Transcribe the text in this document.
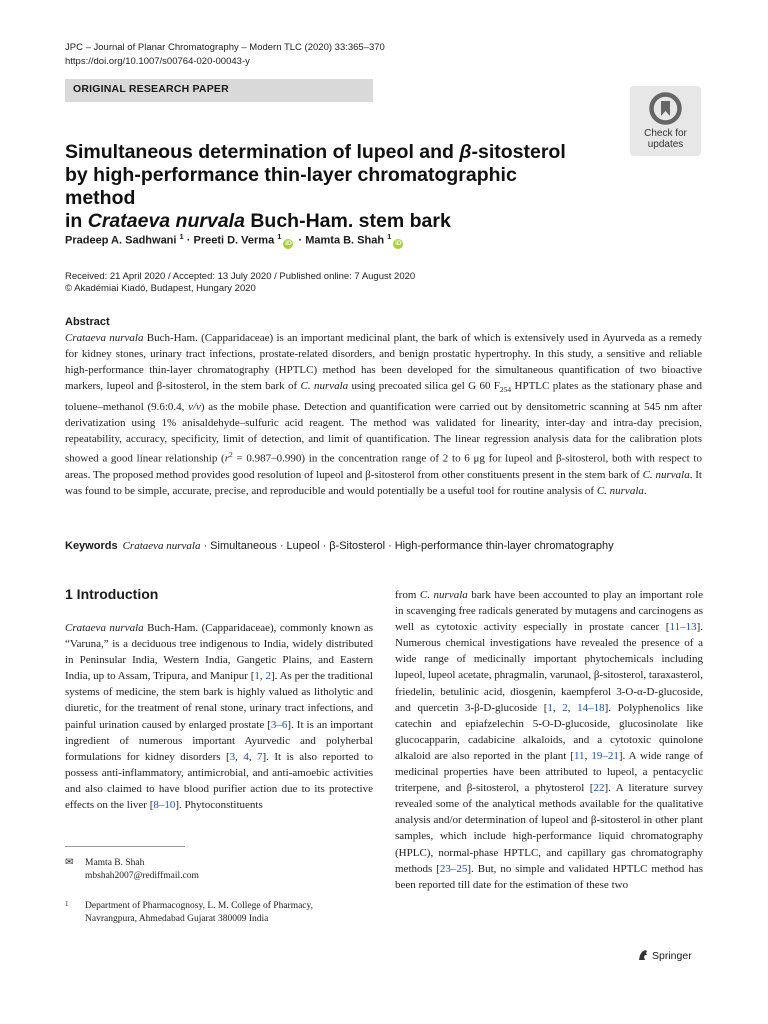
JPC – Journal of Planar Chromatography – Modern TLC (2020) 33:365–370
https://doi.org/10.1007/s00764-020-00043-y
ORIGINAL RESEARCH PAPER
Check for
updates
Simultaneous determination of lupeol and β-sitosterol
by high-performance thin-layer chromatographic method
in Crataeva nurvala Buch-Ham. stem bark
Pradeep A. Sadhwani $^1$ · Preeti D. Verma $^1$iD · Mamta B. Shah $^1$iD
Received: 21 April 2020 / Accepted: 13 July 2020 / Published online: 7 August 2020
© Akadémiai Kiadó, Budapest, Hungary 2020
Abstract
Crataeva nurvala Buch-Ham. (Capparidaceae) is an important medicinal plant, the bark of which is extensively used in Ayurveda as a remedy for kidney stones, urinary tract infections, prostate-related disorders, and benign prostatic hypertrophy. In this study, a sensitive and reliable high-performance thin-layer chromatography (HPTLC) method has been developed for the simultaneous quantification of two bioactive markers, lupeol and β-sitosterol, in the stem bark of C. nurvala using precoated silica gel G 60 $F_{254}$ HPTLC plates as the stationary phase and toluene–methanol (9.6:0.4, v/v) as the mobile phase. Detection and quantification were carried out by densitometric scanning at 545 nm after derivatization using 1% anisaldehyde–sulfuric acid reagent. The method was validated for linearity, inter-day and intra-day precision, repeatability, accuracy, specificity, limit of detection, and limit of quantification. The linear regression analysis data for the calibration plots showed a good linear relationship $(r^2 = 0.987-0.990)$ in the concentration range of 2 to 6 μg for lupeol and β-sitosterol, both with respect to areas. The proposed method provides good resolution of lupeol and β-sitosterol from other constituents present in the stem bark of C. nurvala. It was found to be simple, accurate, precise, and reproducible and would potentially be a useful tool for routine analysis of C. nurvala.
Keywords Crataeva nurvala · Simultaneous · Lupeol · β-Sitosterol · High-performance thin-layer chromatography
1 Introduction
Crataeva nurvala Buch-Ham. (Capparidaceae), commonly known as “Varuna,” is a deciduous tree indigenous to India, widely distributed in Peninsular India, Western India, Gangetic Plains, and Eastern India, up to Assam, Tripura, and Manipur [1, 2]. As per the traditional systems of medicine, the stem bark is highly valued as litholytic and diuretic, for the treatment of renal stone, urinary tract infections, and painful urination caused by enlarged prostate [3–6]. It is an important ingredient of numerous important Ayurvedic and polyherbal formulations for kidney disorders [3, 4, 7]. It is also reported to possess anti-inflammatory, antimicrobial, and anti-amoebic activities and also claimed to have blood purifier action due to its protective effects on the liver [8–10]. Phytoconstituents
from C. nurvala bark have been accounted to play an important role in scavenging free radicals generated by mutagens and carcinogens as well as cytotoxic activity especially in prostate cancer [11–13]. Numerous chemical investigations have revealed the presence of a wide range of medicinally important phytochemicals including lupeol, lupeol acetate, phragmalin, varunaol, β-sitosterol, taraxasterol, friedelin, betulinic acid, diosgenin, kaempferol 3-O-α-D-glucoside, and quercetin 3-β-D-glucoside [1, 2, 14–18]. Polyphenolics like catechin and epiafzelechin 5-O-D-glucoside, glucosinolate like glucocapparin, cadabicine alkaloids, and a cytotoxic quinolone alkaloid are also reported in the plant [11, 19–21]. A wide range of medicinal properties have been attributed to lupeol, a pentacyclic triterpene, and β-sitosterol, a phytosterol [22]. A literature survey revealed some of the analytical methods available for the qualitative analysis and/or determination of lupeol and β-sitosterol in other plant samples, which include high-performance liquid chromatography (HPLC), normal-phase HPTLC, and capillary gas chromatography methods [23–25]. But, no simple and validated HPTLC method has been reported till date for the estimation of these two
✉ Mamta B. Shah
mbshah2007@rediffmail.com
1 Department of Pharmacognosy, L. M. College of Pharmacy,
Navrangpura, Ahmedabad Gujarat 380009 India
Springer
